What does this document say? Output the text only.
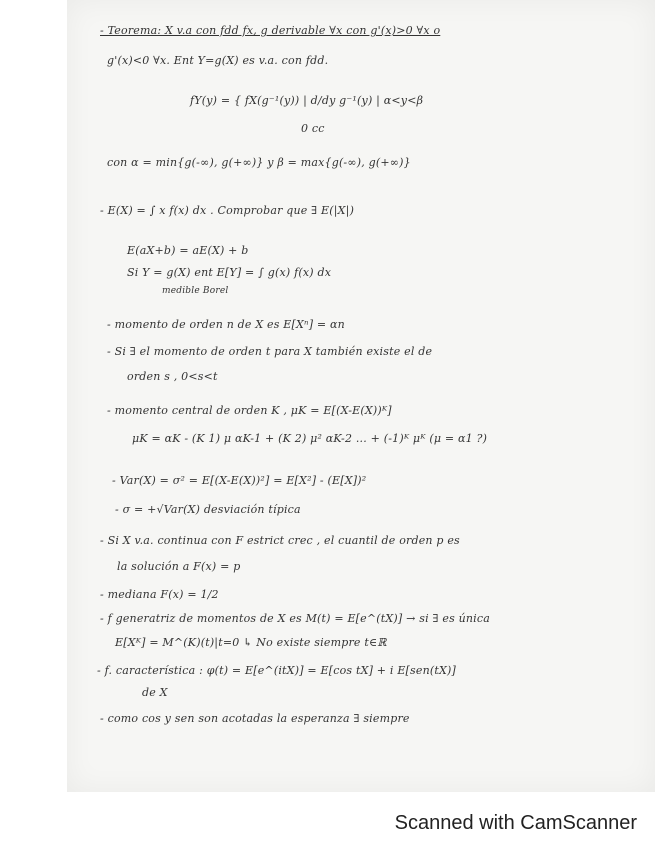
- Teorema: X v.a con fdd fx, g derivable ∀x con g'(x)>0 ∀x o
g'(x)<0 ∀x. Ent Y=g(X) es v.a. con fdd.
fY(y) = { fX(g⁻¹(y)) | d/dy g⁻¹(y) | α<y<β
0 cc
con α = min{g(-∞), g(+∞)} y β = max{g(-∞), g(+∞)}
- E(X) = ∫ x f(x) dx . Comprobar que ∃ E(|X|)
E(aX+b) = aE(X) + b
Si Y = g(X) ent E[Y] = ∫ g(x) f(x) dx
medible Borel
- momento de orden n de X es E[Xⁿ] = αn
- Si ∃ el momento de orden t para X también existe el de
orden s , 0<s<t
- momento central de orden K , μK = E[(X-E(X))ᴷ]
μK = αK - (K 1) μ αK-1 + (K 2) μ² αK-2 ... + (-1)ᴷ μᴷ (μ = α1 ?)
- Var(X) = σ² = E[(X-E(X))²] = E[X²] - (E[X])²
- σ = +√Var(X) desviación típica
- Si X v.a. continua con F estrict crec , el cuantil de orden p es
la solución a F(x) = p
- mediana F(x) = 1/2
- f generatriz de momentos de X es M(t) = E[e^(tX)] → si ∃ es única
E[Xᴷ] = M^(K)(t)|t=0 ↳ No existe siempre t∈ℝ
- f. característica : φ(t) = E[e^(itX)] = E[cos tX] + i E[sen(tX)]
de X
- como cos y sen son acotadas la esperanza ∃ siempre
Scanned with CamScanner
